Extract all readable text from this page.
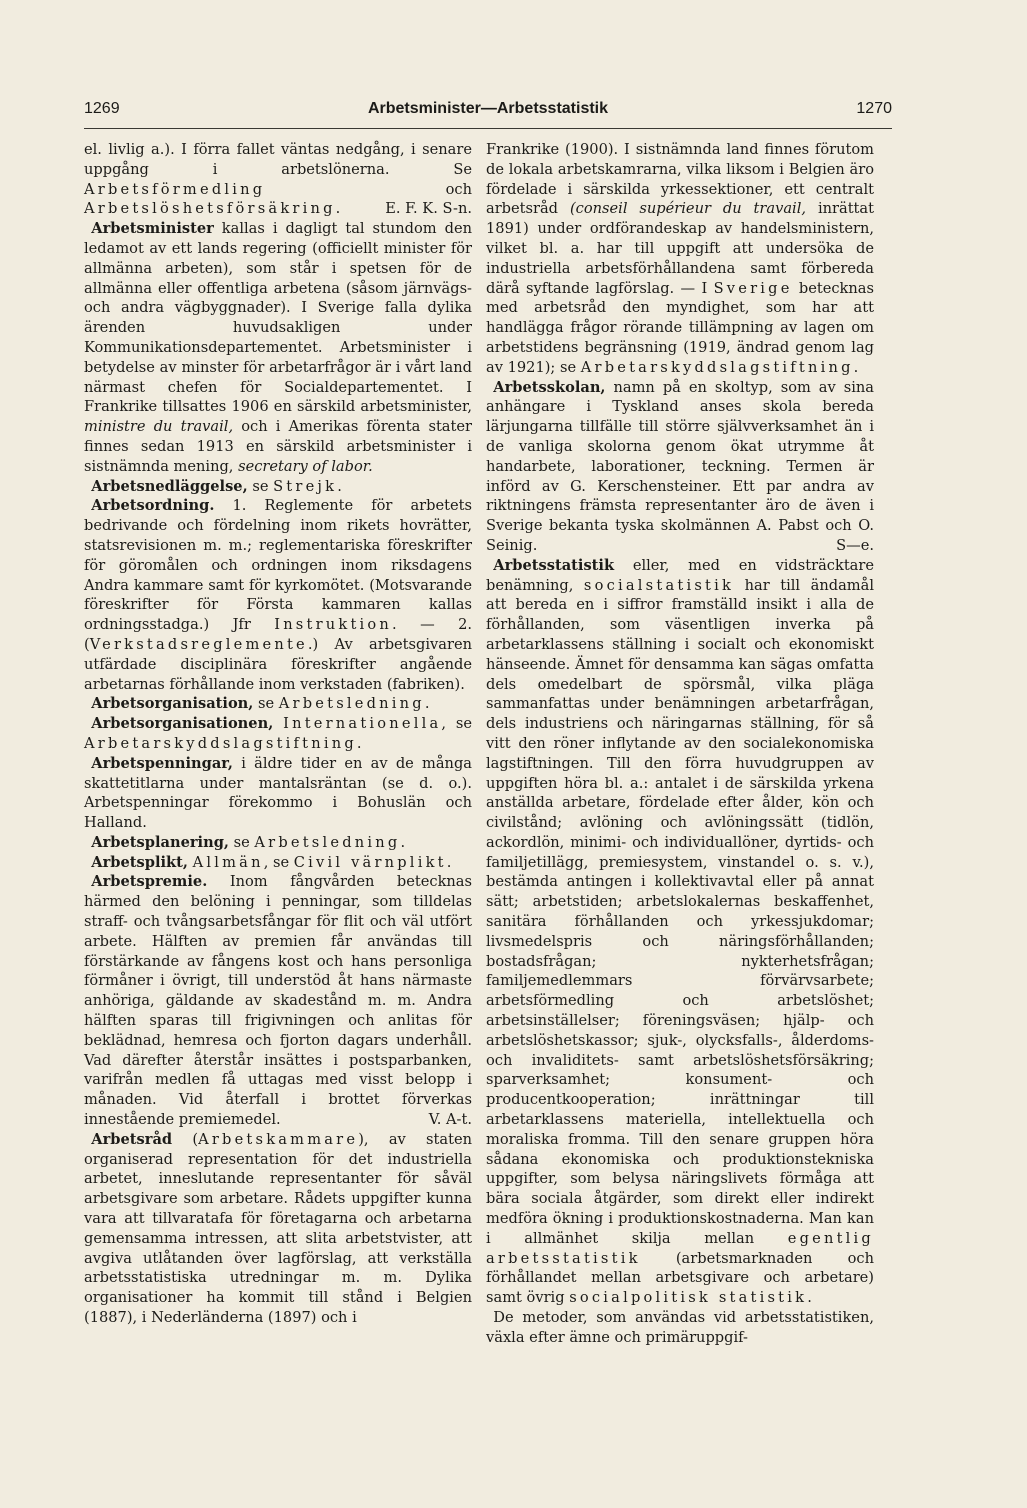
1269	Arbetsminister—Arbetsstatistik	1270

el. livlig a.). I förra fallet väntas nedgång, i senare uppgång i arbetslönerna. Se Arbetsförmedling och Arbetslöshetsförsäkring.	E. F. K. S-n.

 Arbetsminister kallas i dagligt tal stundom den ledamot av ett lands regering (officiellt minister för allmänna arbeten), som står i spetsen för de allmänna eller offentliga arbetena (såsom järnvägs- och andra vägbyggnader). I Sverige falla dylika ärenden huvudsakligen under Kommunikationsdepartementet. Arbetsminister i betydelse av minster för arbetarfrågor är i vårt land närmast chefen för Socialdepartementet. I Frankrike tillsattes 1906 en särskild arbetsminister, ministre du travail, och i Amerikas förenta stater finnes sedan 1913 en särskild arbetsminister i sistnämnda mening, secretary of labor.

 Arbetsnedläggelse, se Strejk.

 Arbetsordning. 1. Reglemente för arbetets bedrivande och fördelning inom rikets hovrätter, statsrevisionen m. m.; reglementariska föreskrifter för göromålen och ordningen inom riksdagens Andra kammare samt för kyrkomötet. (Motsvarande föreskrifter för Första kammaren kallas ordningsstadga.) Jfr Instruktion. — 2. (Verkstadsreglemente.) Av arbetsgivaren utfärdade disciplinära föreskrifter angående arbetarnas förhållande inom verkstaden (fabriken).

 Arbetsorganisation, se Arbetsledning.

 Arbetsorganisationen, Internationella, se Arbetarskyddslagstiftning.

 Arbetspenningar, i äldre tider en av de många skattetitlarna under mantalsräntan (se d. o.). Arbetspenningar förekommo i Bohuslän och Halland.

 Arbetsplanering, se Arbetsledning.

 Arbetsplikt, Allmän, se Civil värnplikt.

 Arbetspremie. Inom fångvården betecknas härmed den belöning i penningar, som tilldelas straff- och tvångsarbetsfångar för flit och väl utfört arbete. Hälften av premien får användas till förstärkande av fångens kost och hans personliga förmåner i övrigt, till understöd åt hans närmaste anhöriga, gäldande av skadestånd m. m. Andra hälften sparas till frigivningen och anlitas för beklädnad, hemresa och fjorton dagars underhåll. Vad därefter återstår insättes i postsparbanken, varifrån medlen få uttagas med visst belopp i månaden. Vid återfall i brottet förverkas innestående premiemedel.	V. A-t.

 Arbetsråd (Arbetskammare), av staten organiserad representation för det industriella arbetet, inneslutande representanter för såväl arbetsgivare som arbetare. Rådets uppgifter kunna vara att tillvaratafa för företagarna och arbetarna gemensamma intressen, att slita arbetstvister, att avgiva utlåtanden över lagförslag, att verkställa arbetsstatistiska utredningar m. m. Dylika organisationer ha kommit till stånd i Belgien (1887), i Nederländerna (1897) och i

Frankrike (1900). I sistnämnda land finnes förutom de lokala arbetskamrarna, vilka liksom i Belgien äro fördelade i särskilda yrkessektioner, ett centralt arbetsråd (conseil supérieur du travail, inrättat 1891) under ordförandeskap av handelsministern, vilket bl. a. har till uppgift att undersöka de industriella arbetsförhållandena samt förbereda därå syftande lagförslag. — I Sverige betecknas med arbetsråd den myndighet, som har att handlägga frågor rörande tillämpning av lagen om arbetstidens begränsning (1919, ändrad genom lag av 1921); se Arbetarskyddslagstiftning.

 Arbetsskolan, namn på en skoltyp, som av sina anhängare i Tyskland anses skola bereda lärjungarna tillfälle till större självverksamhet än i de vanliga skolorna genom ökat utrymme åt handarbete, laborationer, teckning. Termen är införd av G. Kerschensteiner. Ett par andra av riktningens främsta representanter äro de även i Sverige bekanta tyska skolmännen A. Pabst och O. Seinig.	S—e.

 Arbetsstatistik eller, med en vidsträcktare benämning, socialstatistik har till ändamål att bereda en i siffror framställd insikt i alla de förhållanden, som väsentligen inverka på arbetarklassens ställning i socialt och ekonomiskt hänseende. Ämnet för densamma kan sägas omfatta dels omedelbart de spörsmål, vilka pläga sammanfattas under benämningen arbetarfrågan, dels industriens och näringarnas ställning, för så vitt den röner inflytande av den socialekonomiska lagstiftningen. Till den förra huvudgruppen av uppgiften höra bl. a.: antalet i de särskilda yrkena anställda arbetare, fördelade efter ålder, kön och civilstånd; avlöning och avlöningssätt (tidlön, ackordlön, minimi- och individuallöner, dyrtids- och familjetillägg, premiesystem, vinstandel o. s. v.), bestämda antingen i kollektivavtal eller på annat sätt; arbetstiden; arbetslokalernas beskaffenhet, sanitära förhållanden och yrkessjukdomar; livsmedelspris och näringsförhållanden; bostadsfrågan; nykterhetsfrågan; familjemedlemmars förvärvsarbete; arbetsförmedling och arbetslöshet; arbetsinställelser; föreningsväsen; hjälp- och arbetslöshetskassor; sjuk-, olycksfalls-, ålderdoms- och invaliditets- samt arbetslöshetsförsäkring; sparverksamhet; konsument- och producentkooperation; inrättningar till arbetarklassens materiella, intellektuella och moraliska fromma. Till den senare gruppen höra sådana ekonomiska och produktionstekniska uppgifter, som belysa näringslivets förmåga att bära sociala åtgärder, som direkt eller indirekt medföra ökning i produktionskostnaderna. Man kan i allmänhet skilja mellan egentlig arbetsstatistik (arbetsmarknaden och förhållandet mellan arbetsgivare och arbetare) samt övrig socialpolitisk statistik.

 De metoder, som användas vid arbetsstatistiken, växla efter ämne och primäruppgif-
